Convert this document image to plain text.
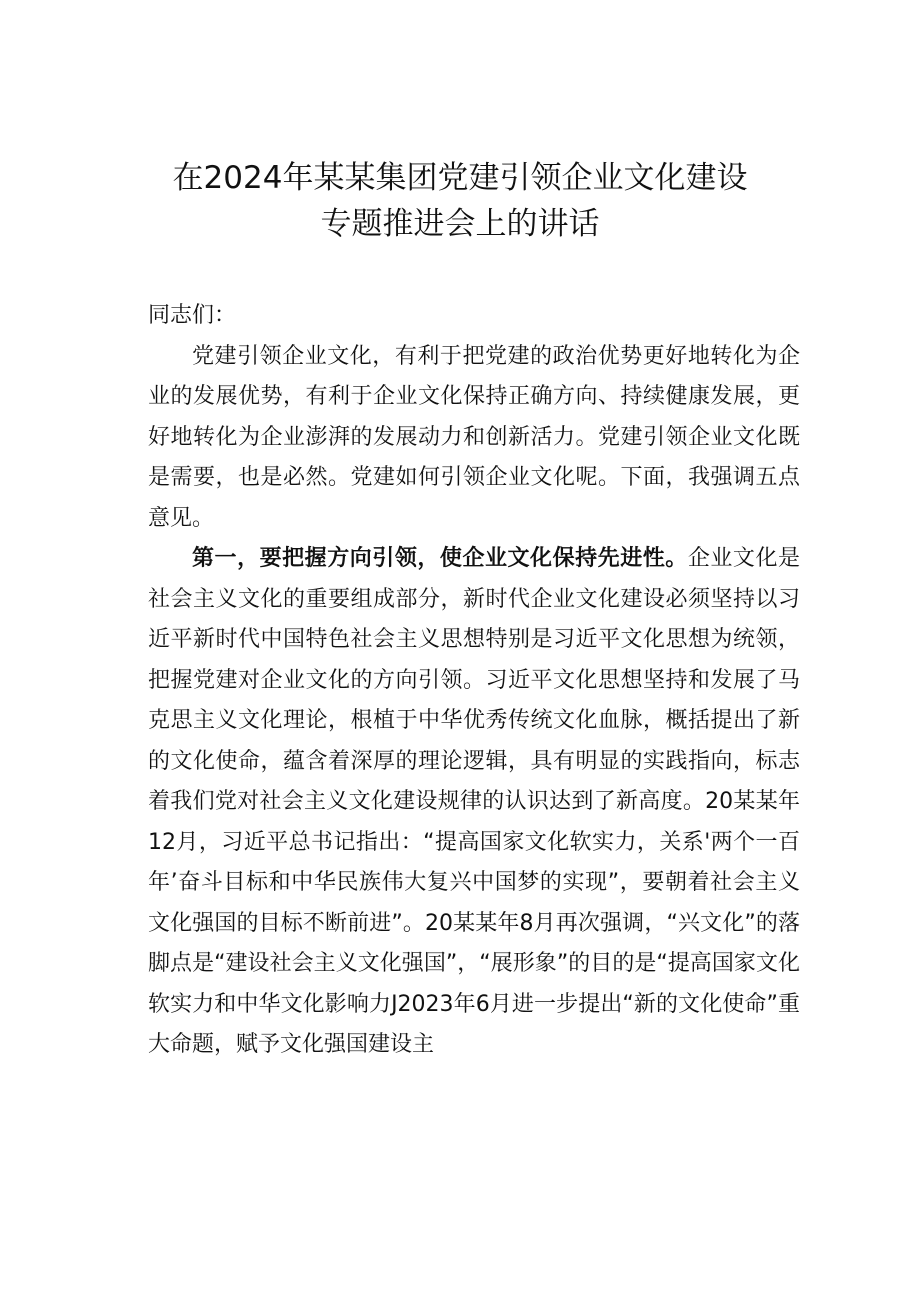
在2024年某某集团党建引领企业文化建设
专题推进会上的讲话

同志们：

党建引领企业文化，有利于把党建的政治优势更好地转化为企业的发展优势，有利于企业文化保持正确方向、持续健康发展，更好地转化为企业澎湃的发展动力和创新活力。党建引领企业文化既是需要，也是必然。党建如何引领企业文化呢。下面，我强调五点意见。

第一，要把握方向引领，使企业文化保持先进性。企业文化是社会主义文化的重要组成部分，新时代企业文化建设必须坚持以习近平新时代中国特色社会主义思想特别是习近平文化思想为统领，把握党建对企业文化的方向引领。习近平文化思想坚持和发展了马克思主义文化理论，根植于中华优秀传统文化血脉，概括提出了新的文化使命，蕴含着深厚的理论逻辑，具有明显的实践指向，标志着我们党对社会主义文化建设规律的认识达到了新高度。20某某年12月，习近平总书记指出：“提高国家文化软实力，关系'两个一百年’奋斗目标和中华民族伟大复兴中国梦的实现”，要朝着社会主义文化强国的目标不断前进”。20某某年8月再次强调，“兴文化”的落脚点是“建设社会主义文化强国”，“展形象”的目的是“提高国家文化软实力和中华文化影响力J2023年6月进一步提出“新的文化使命”重大命题，赋予文化强国建设主
